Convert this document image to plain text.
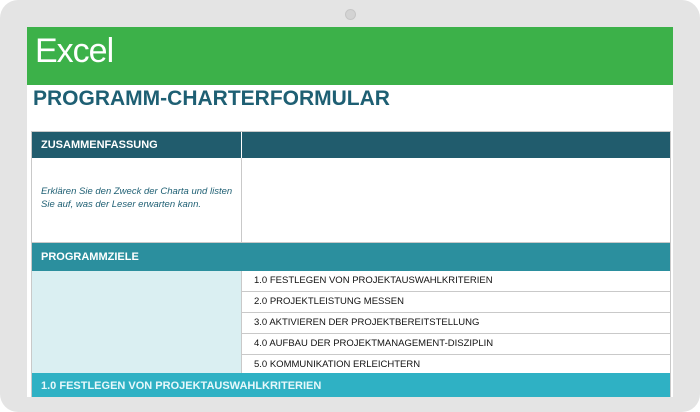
Excel
PROGRAMM-CHARTERFORMULAR
ZUSAMMENFASSUNG
Erklären Sie den Zweck der Charta und listen Sie auf, was der Leser erwarten kann.
PROGRAMMZIELE
1.0 FESTLEGEN VON PROJEKTAUSWAHLKRITERIEN
2.0 PROJEKTLEISTUNG MESSEN
3.0 AKTIVIEREN DER PROJEKTBEREITSTELLUNG
4.0 AUFBAU DER PROJEKTMANAGEMENT-DISZIPLIN
5.0 KOMMUNIKATION ERLEICHTERN
1.0 FESTLEGEN VON PROJEKTAUSWAHLKRITERIEN
